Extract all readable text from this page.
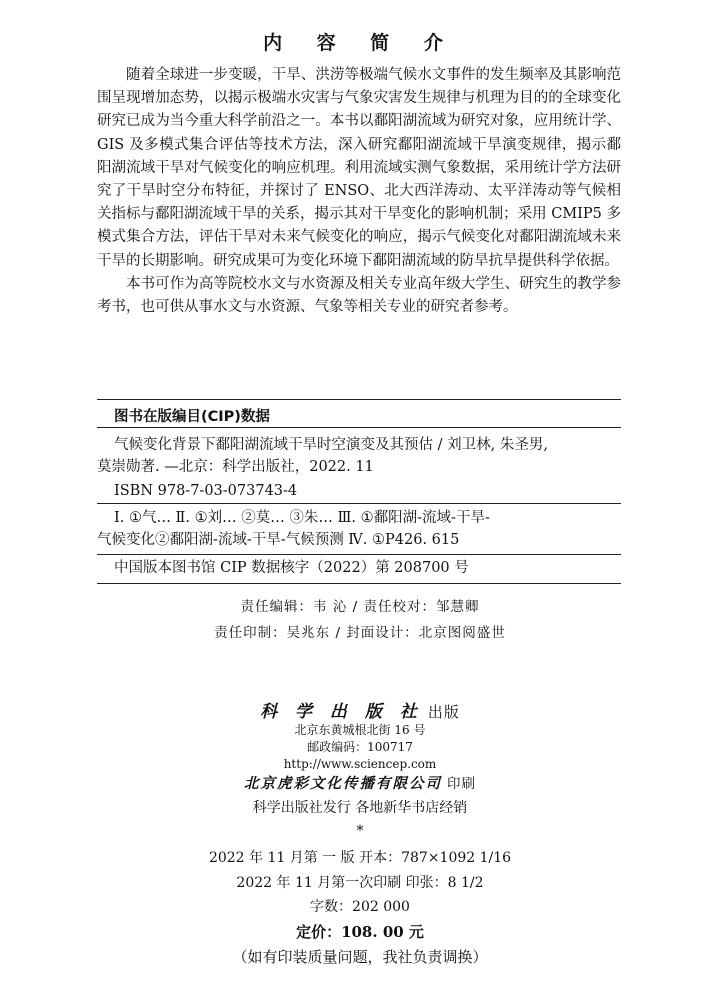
内 容 简 介

随着全球进一步变暖，干旱、洪涝等极端气候水文事件的发生频率及其影响范围呈现增加态势，以揭示极端水灾害与气象灾害发生规律与机理为目的的全球变化研究已成为当今重大科学前沿之一。本书以鄱阳湖流域为研究对象，应用统计学、GIS 及多模式集合评估等技术方法，深入研究鄱阳湖流域干旱演变规律，揭示鄱阳湖流域干旱对气候变化的响应机理。利用流域实测气象数据，采用统计学方法研究了干旱时空分布特征，并探讨了 ENSO、北大西洋涛动、太平洋涛动等气候相关指标与鄱阳湖流域干旱的关系，揭示其对干旱变化的影响机制；采用 CMIP5 多模式集合方法，评估干旱对未来气候变化的响应，揭示气候变化对鄱阳湖流域未来干旱的长期影响。研究成果可为变化环境下鄱阳湖流域的防旱抗旱提供科学依据。

本书可作为高等院校水文与水资源及相关专业高年级大学生、研究生的教学参考书，也可供从事水文与水资源、气象等相关专业的研究者参考。

图书在版编目(CIP)数据
气候变化背景下鄱阳湖流域干旱时空演变及其预估 / 刘卫林, 朱圣男,
莫崇勋著. —北京：科学出版社，2022. 11
ISBN 978-7-03-073743-4
Ⅰ. ①气… Ⅱ. ①刘… ②莫… ③朱… Ⅲ. ①鄱阳湖-流域-干旱-
气候变化②鄱阳湖-流域-干旱-气候预测 Ⅳ. ①P426. 615
中国版本图书馆 CIP 数据核字（2022）第 208700 号
责任编辑：韦 沁 / 责任校对：邹慧卿
责任印制：吴兆东 / 封面设计：北京图阅盛世
科 学 出 版 社 出版
北京东黄城根北街 16 号
邮政编码：100717
http://www.sciencep.com
北京虎彩文化传播有限公司 印刷
科学出版社发行 各地新华书店经销
*
2022 年 11 月第 一 版 开本：787×1092 1/16
2022 年 11 月第一次印刷 印张：8 1/2
字数：202 000
定价：108. 00 元
（如有印装质量问题，我社负责调换）
